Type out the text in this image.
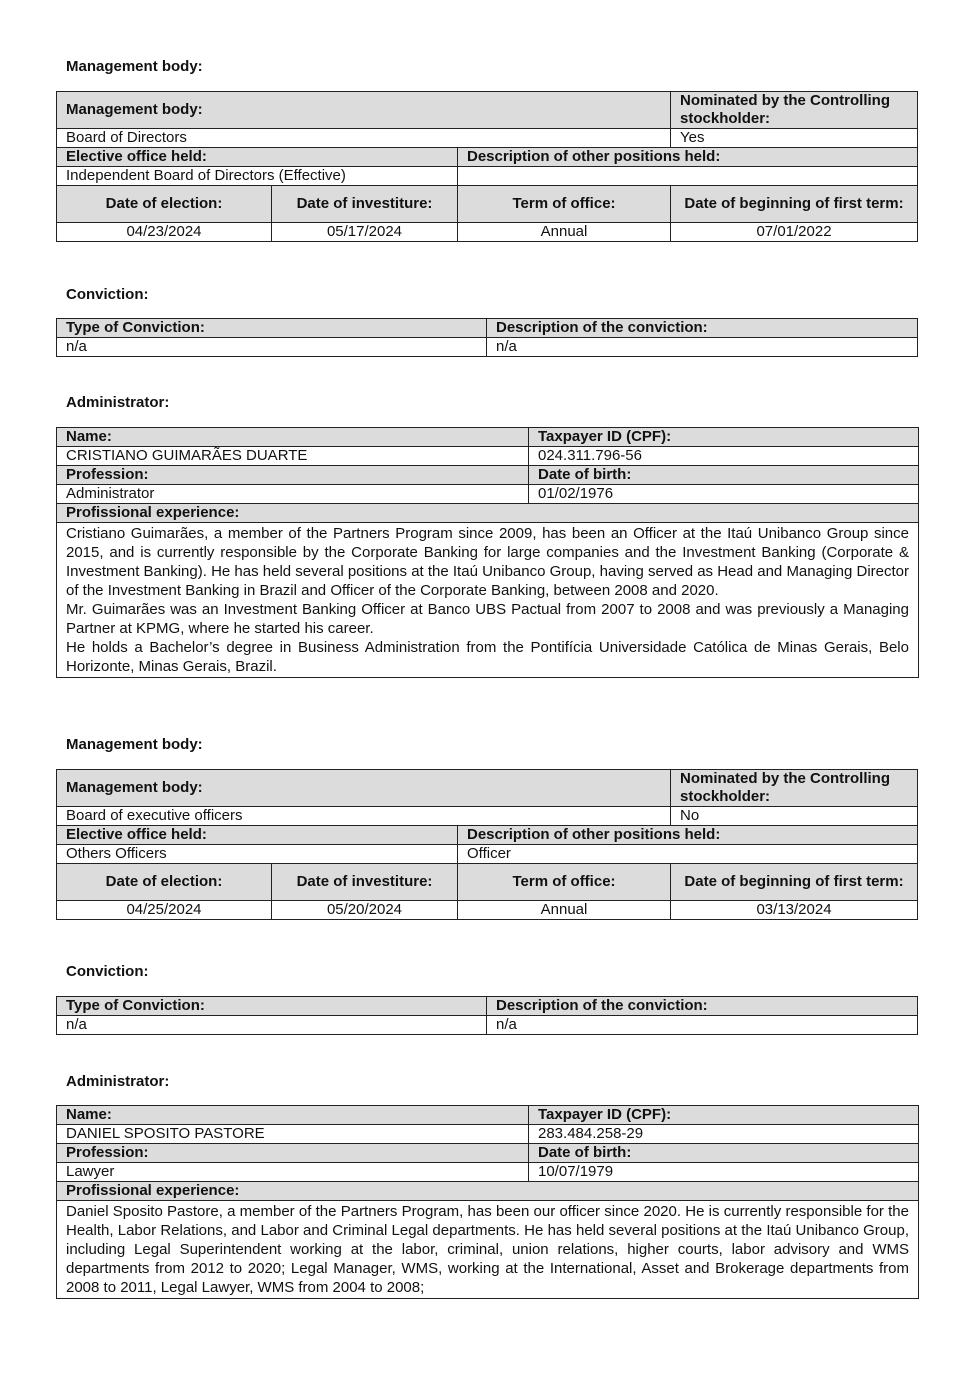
Management body:
Management body:			Nominated by the Controlling stockholder:
Board of Directors			Yes
Elective office held:		Description of other positions held:	
Independent Board of Directors (Effective)			
Date of election:	Date of investiture:	Term of office:	Date of beginning of first term:
04/23/2024	05/17/2024	Annual	07/01/2022
Conviction:
Type of Conviction:	Description of the conviction:
n/a	n/a
Administrator:
Name:	Taxpayer ID (CPF):
CRISTIANO GUIMARÃES DUARTE	024.311.796-56
Profession:	Date of birth:
Administrator	01/02/1976
Profissional experience:	

Cristiano Guimarães, a member of the Partners Program since 2009, has been an Officer at the Itaú Unibanco Group since 2015, and is currently responsible by the Corporate Banking for large companies and the Investment Banking (Corporate & Investment Banking). He has held several positions at the Itaú Unibanco Group, having served as Head and Managing Director of the Investment Banking in Brazil and Officer of the Corporate Banking, between 2008 and 2020.

Mr. Guimarães was an Investment Banking Officer at Banco UBS Pactual from 2007 to 2008 and was previously a Managing Partner at KPMG, where he started his career.

He holds a Bachelor’s degree in Business Administration from the Pontifícia Universidade Católica de Minas Gerais, Belo Horizonte, Minas Gerais, Brazil.	

Management body:
Management body:			Nominated by the Controlling stockholder:
Board of executive officers			No
Elective office held:		Description of other positions held:	
Others Officers		Officer	
Date of election:	Date of investiture:	Term of office:	Date of beginning of first term:
04/25/2024	05/20/2024	Annual	03/13/2024
Conviction:
Type of Conviction:	Description of the conviction:
n/a	n/a
Administrator:
Name:	Taxpayer ID (CPF):
DANIEL SPOSITO PASTORE	283.484.258-29
Profession:	Date of birth:
Lawyer	10/07/1979
Profissional experience:	

Daniel Sposito Pastore, a member of the Partners Program, has been our officer since 2020. He is currently responsible for the Health, Labor Relations, and Labor and Criminal Legal departments. He has held several positions at the Itaú Unibanco Group, including Legal Superintendent working at the labor, criminal, union relations, higher courts, labor advisory and WMS departments from 2012 to 2020; Legal Manager, WMS, working at the International, Asset and Brokerage departments from 2008 to 2011, Legal Lawyer, WMS from 2004 to 2008;	
